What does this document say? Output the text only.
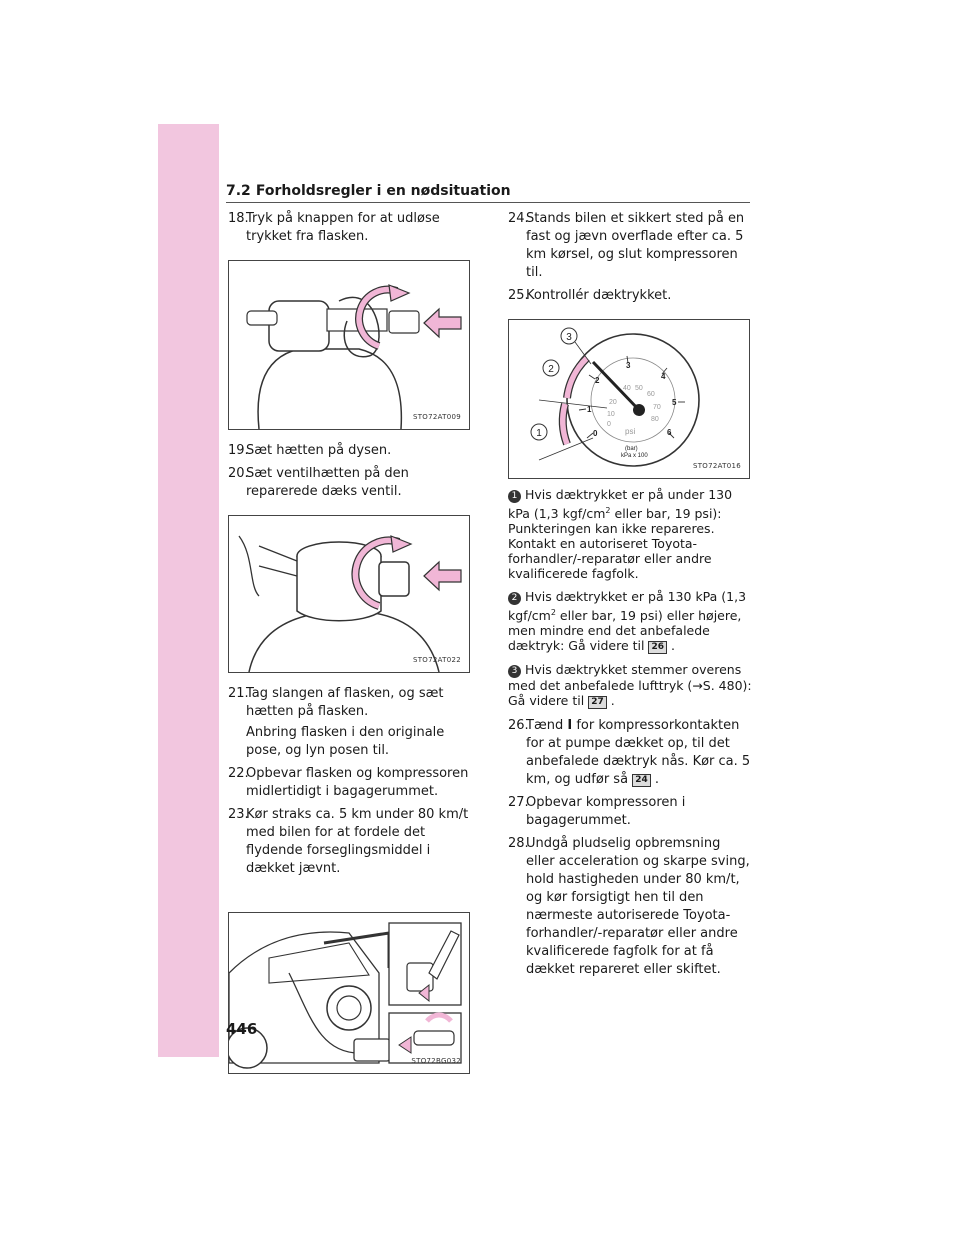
7.2 Forholdsregler i en nødsituation
18.
Tryk på knappen for at udløse trykket fra flasken.
STO72AT009
19.
Sæt hætten på dysen.
20.
Sæt ventilhætten på den reparerede dæks ventil.
STO72AT022
21.
Tag slangen af flasken, og sæt hætten på flasken.
Anbring flasken i den originale pose, og lyn posen til.
22.
Opbevar flasken og kompressoren midlertidigt i bagagerummet.
23.
Kør straks ca. 5 km under 80 km/t med bilen for at fordele det flydende forseglingsmiddel i dækket jævnt.
STO72BG032
24.
Stands bilen et sikkert sted på en fast og jævn overflade efter ca. 5 km kørsel, og slut kompressoren til.
25.
Kontrollér dæktrykket.
0
1
2
3
4
5
6
0
10
20
40 50
60
70
80
psi
(bar)
kPa x 100
3
2
1
STO72AT016
1 Hvis dæktrykket er på under 130 kPa (1,3 kgf/$cm^2$ eller bar, 19 psi): Punkteringen kan ikke repareres. Kontakt en autoriseret Toyota-forhandler/-reparatør eller andre kvalificerede fagfolk.
2 Hvis dæktrykket er på 130 kPa (1,3 kgf/$cm^2$ eller bar, 19 psi) eller højere, men mindre end det anbefalede dæktryk: Gå videre til 26 .
3 Hvis dæktrykket stemmer overens med det anbefalede lufttryk (→S. 480): Gå videre til 27 .
26.
Tænd I for kompressorkontakten for at pumpe dækket op, til det anbefalede dæktryk nås. Kør ca. 5 km, og udfør så 24 .
27.
Opbevar kompressoren i bagagerummet.
28.
Undgå pludselig opbremsning eller acceleration og skarpe sving, hold hastigheden under 80 km/t, og kør forsigtigt hen til den nærmeste autoriserede Toyota-forhandler/-reparatør eller andre kvalificerede fagfolk for at få dækket repareret eller skiftet.
446
